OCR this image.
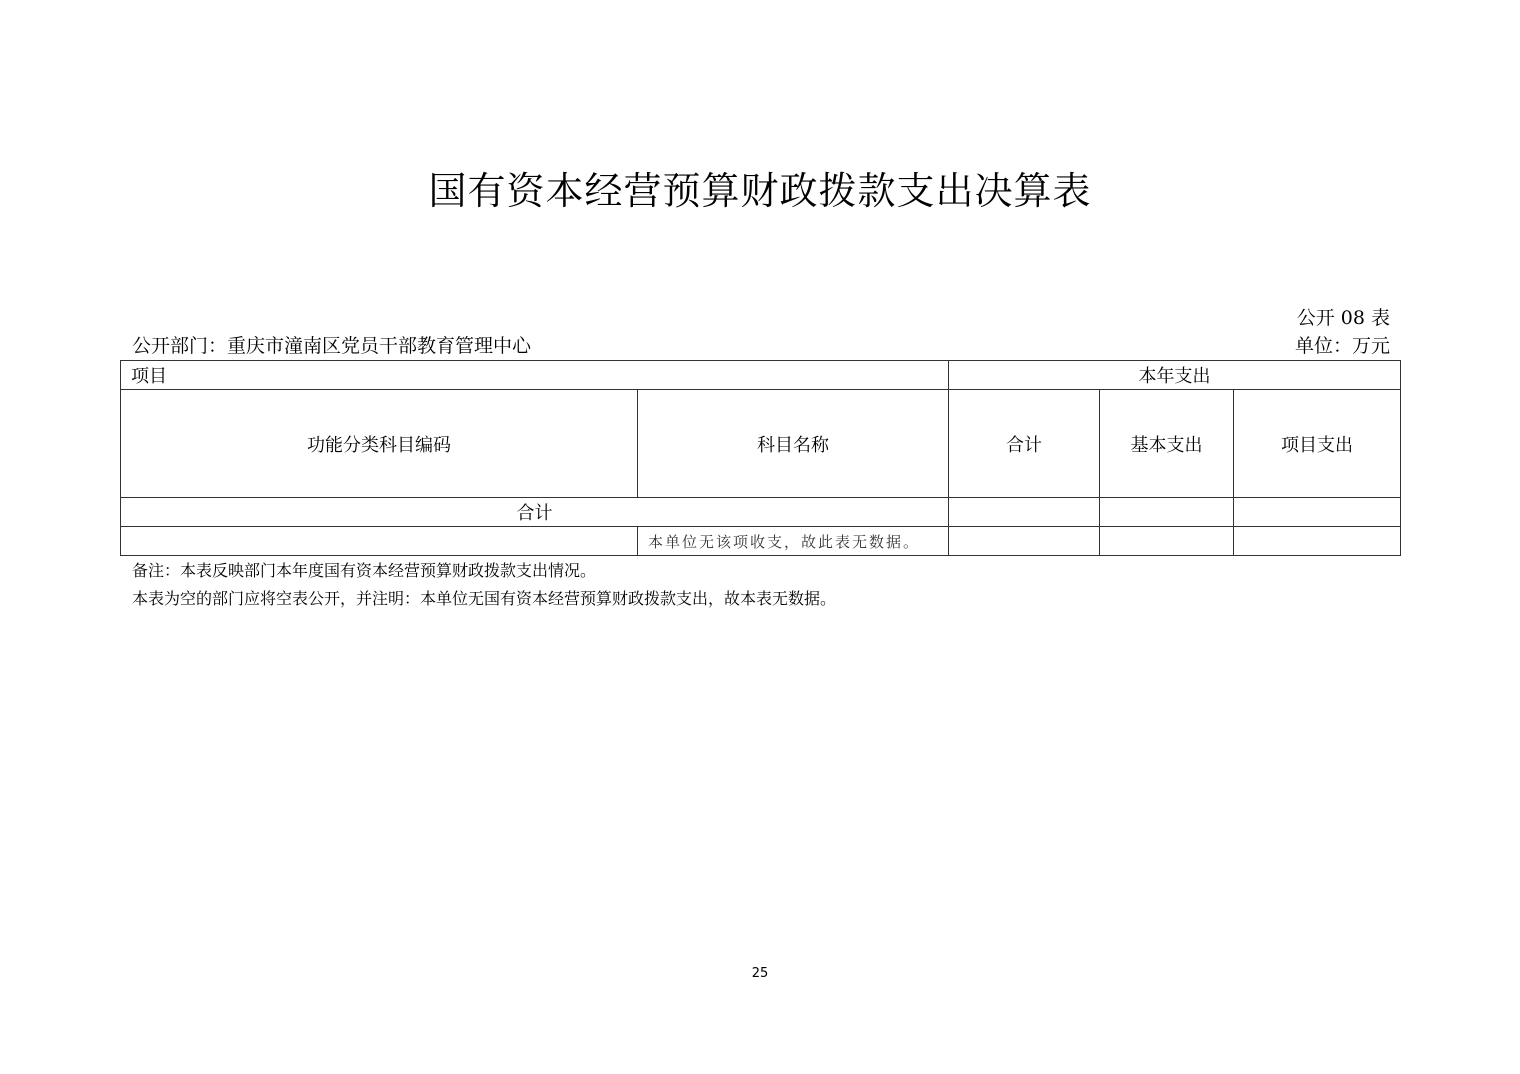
国有资本经营预算财政拨款支出决算表
公开 08 表
公开部门：重庆市潼南区党员干部教育管理中心	单位：万元
项目		本年支出		
功能分类科目编码	科目名称	合计	基本支出	项目支出
合计				
	本单位无该项收支，故此表无数据。			
备注：本表反映部门本年度国有资本经营预算财政拨款支出情况。
本表为空的部门应将空表公开，并注明：本单位无国有资本经营预算财政拨款支出，故本表无数据。
25
